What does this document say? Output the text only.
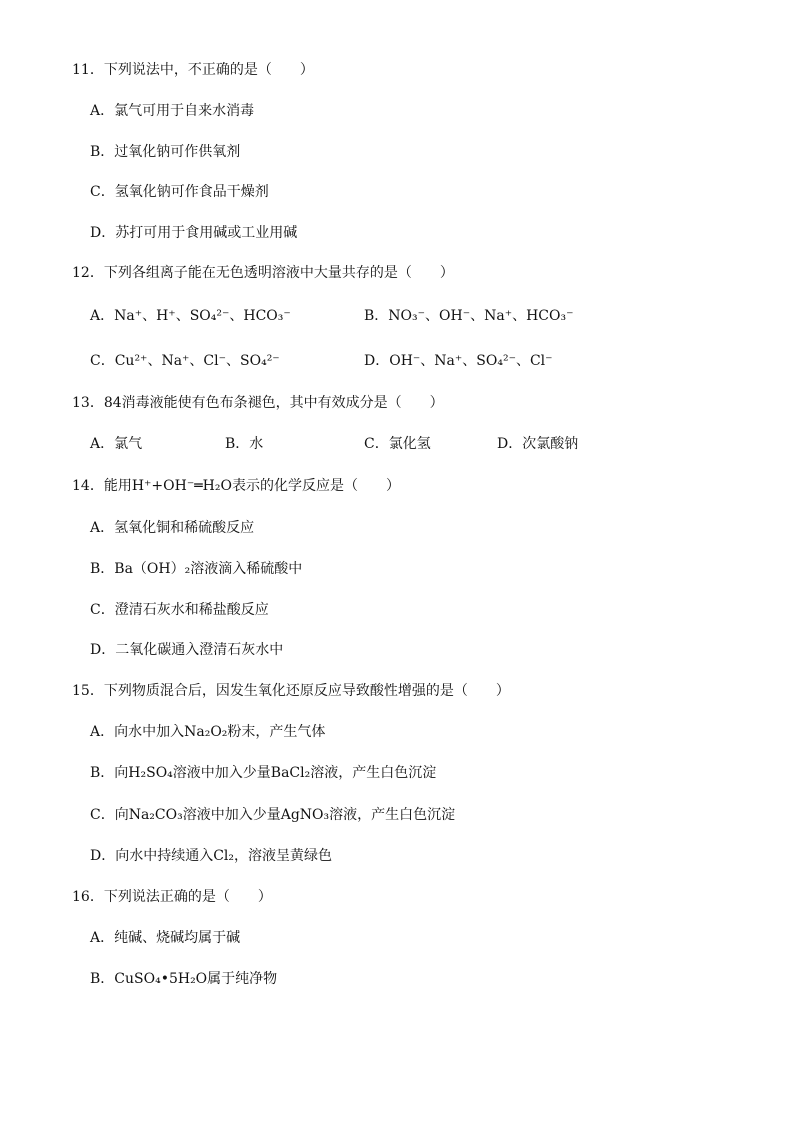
11．下列说法中，不正确的是（　　）
A．氯气可用于自来水消毒
B．过氧化钠可作供氧剂
C．氢氧化钠可作食品干燥剂
D．苏打可用于食用碱或工业用碱
12．下列各组离子能在无色透明溶液中大量共存的是（　　）
A．Na⁺、H⁺、SO₄²⁻、HCO₃⁻	B．NO₃⁻、OH⁻、Na⁺、HCO₃⁻
C．Cu²⁺、Na⁺、Cl⁻、SO₄²⁻	D．OH⁻、Na⁺、SO₄²⁻、Cl⁻
13．84消毒液能使有色布条褪色，其中有效成分是（　　）
A．氯气	B．水	C．氯化氢	D．次氯酸钠
14．能用H⁺+OH⁻═H₂O表示的化学反应是（　　）
A．氢氧化铜和稀硫酸反应
B．Ba（OH）₂溶液滴入稀硫酸中
C．澄清石灰水和稀盐酸反应
D．二氧化碳通入澄清石灰水中
15．下列物质混合后，因发生氧化还原反应导致酸性增强的是（　　）
A．向水中加入Na₂O₂粉末，产生气体
B．向H₂SO₄溶液中加入少量BaCl₂溶液，产生白色沉淀
C．向Na₂CO₃溶液中加入少量AgNO₃溶液，产生白色沉淀
D．向水中持续通入Cl₂，溶液呈黄绿色
16．下列说法正确的是（　　）
A．纯碱、烧碱均属于碱
B．CuSO₄•5H₂O属于纯净物
